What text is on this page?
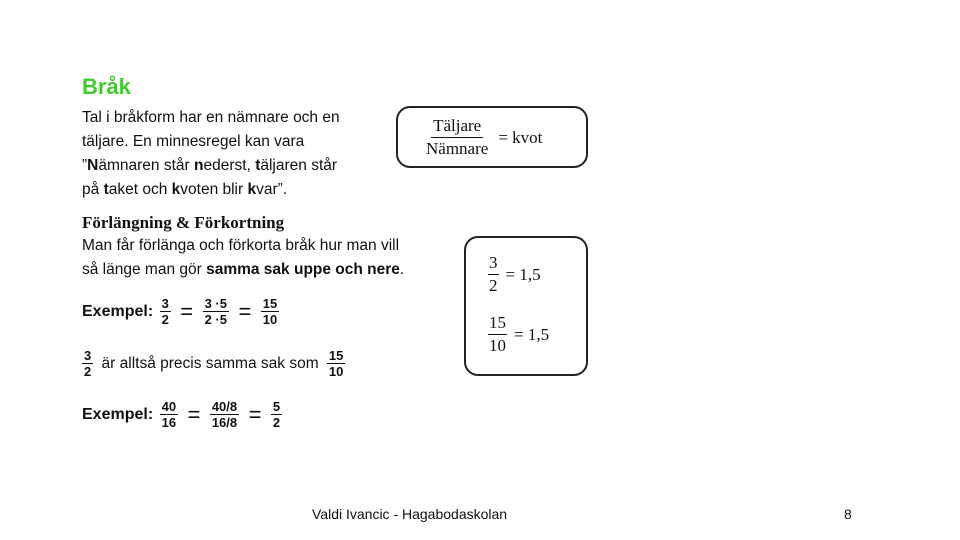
Bråk
Tal i bråkform har en nämnare och en
täljare. En minnesregel kan vara
”Nämnaren står nederst, täljaren står
på taket och kvoten blir kvar”.
$\frac{\text{Täljare}}{\text{Nämnare}}$ = kvot
Förlängning & Förkortning
Man får förlänga och förkorta bråk hur man vill
så länge man gör samma sak uppe och nere.
Exempel: $\frac{3}{2} = \frac{3 \cdot 5}{2 \cdot 5} = \frac{15}{10}$
$\frac{3}{2}$ är alltså precis samma sak som $\frac{15}{10}$
Exempel: $\frac{40}{16} = \frac{40/8}{16/8} = \frac{5}{2}$
$\frac{3}{2} = 1,5$
$\frac{15}{10} = 1,5$
Valdi Ivancic - Hagabodaskolan	8
